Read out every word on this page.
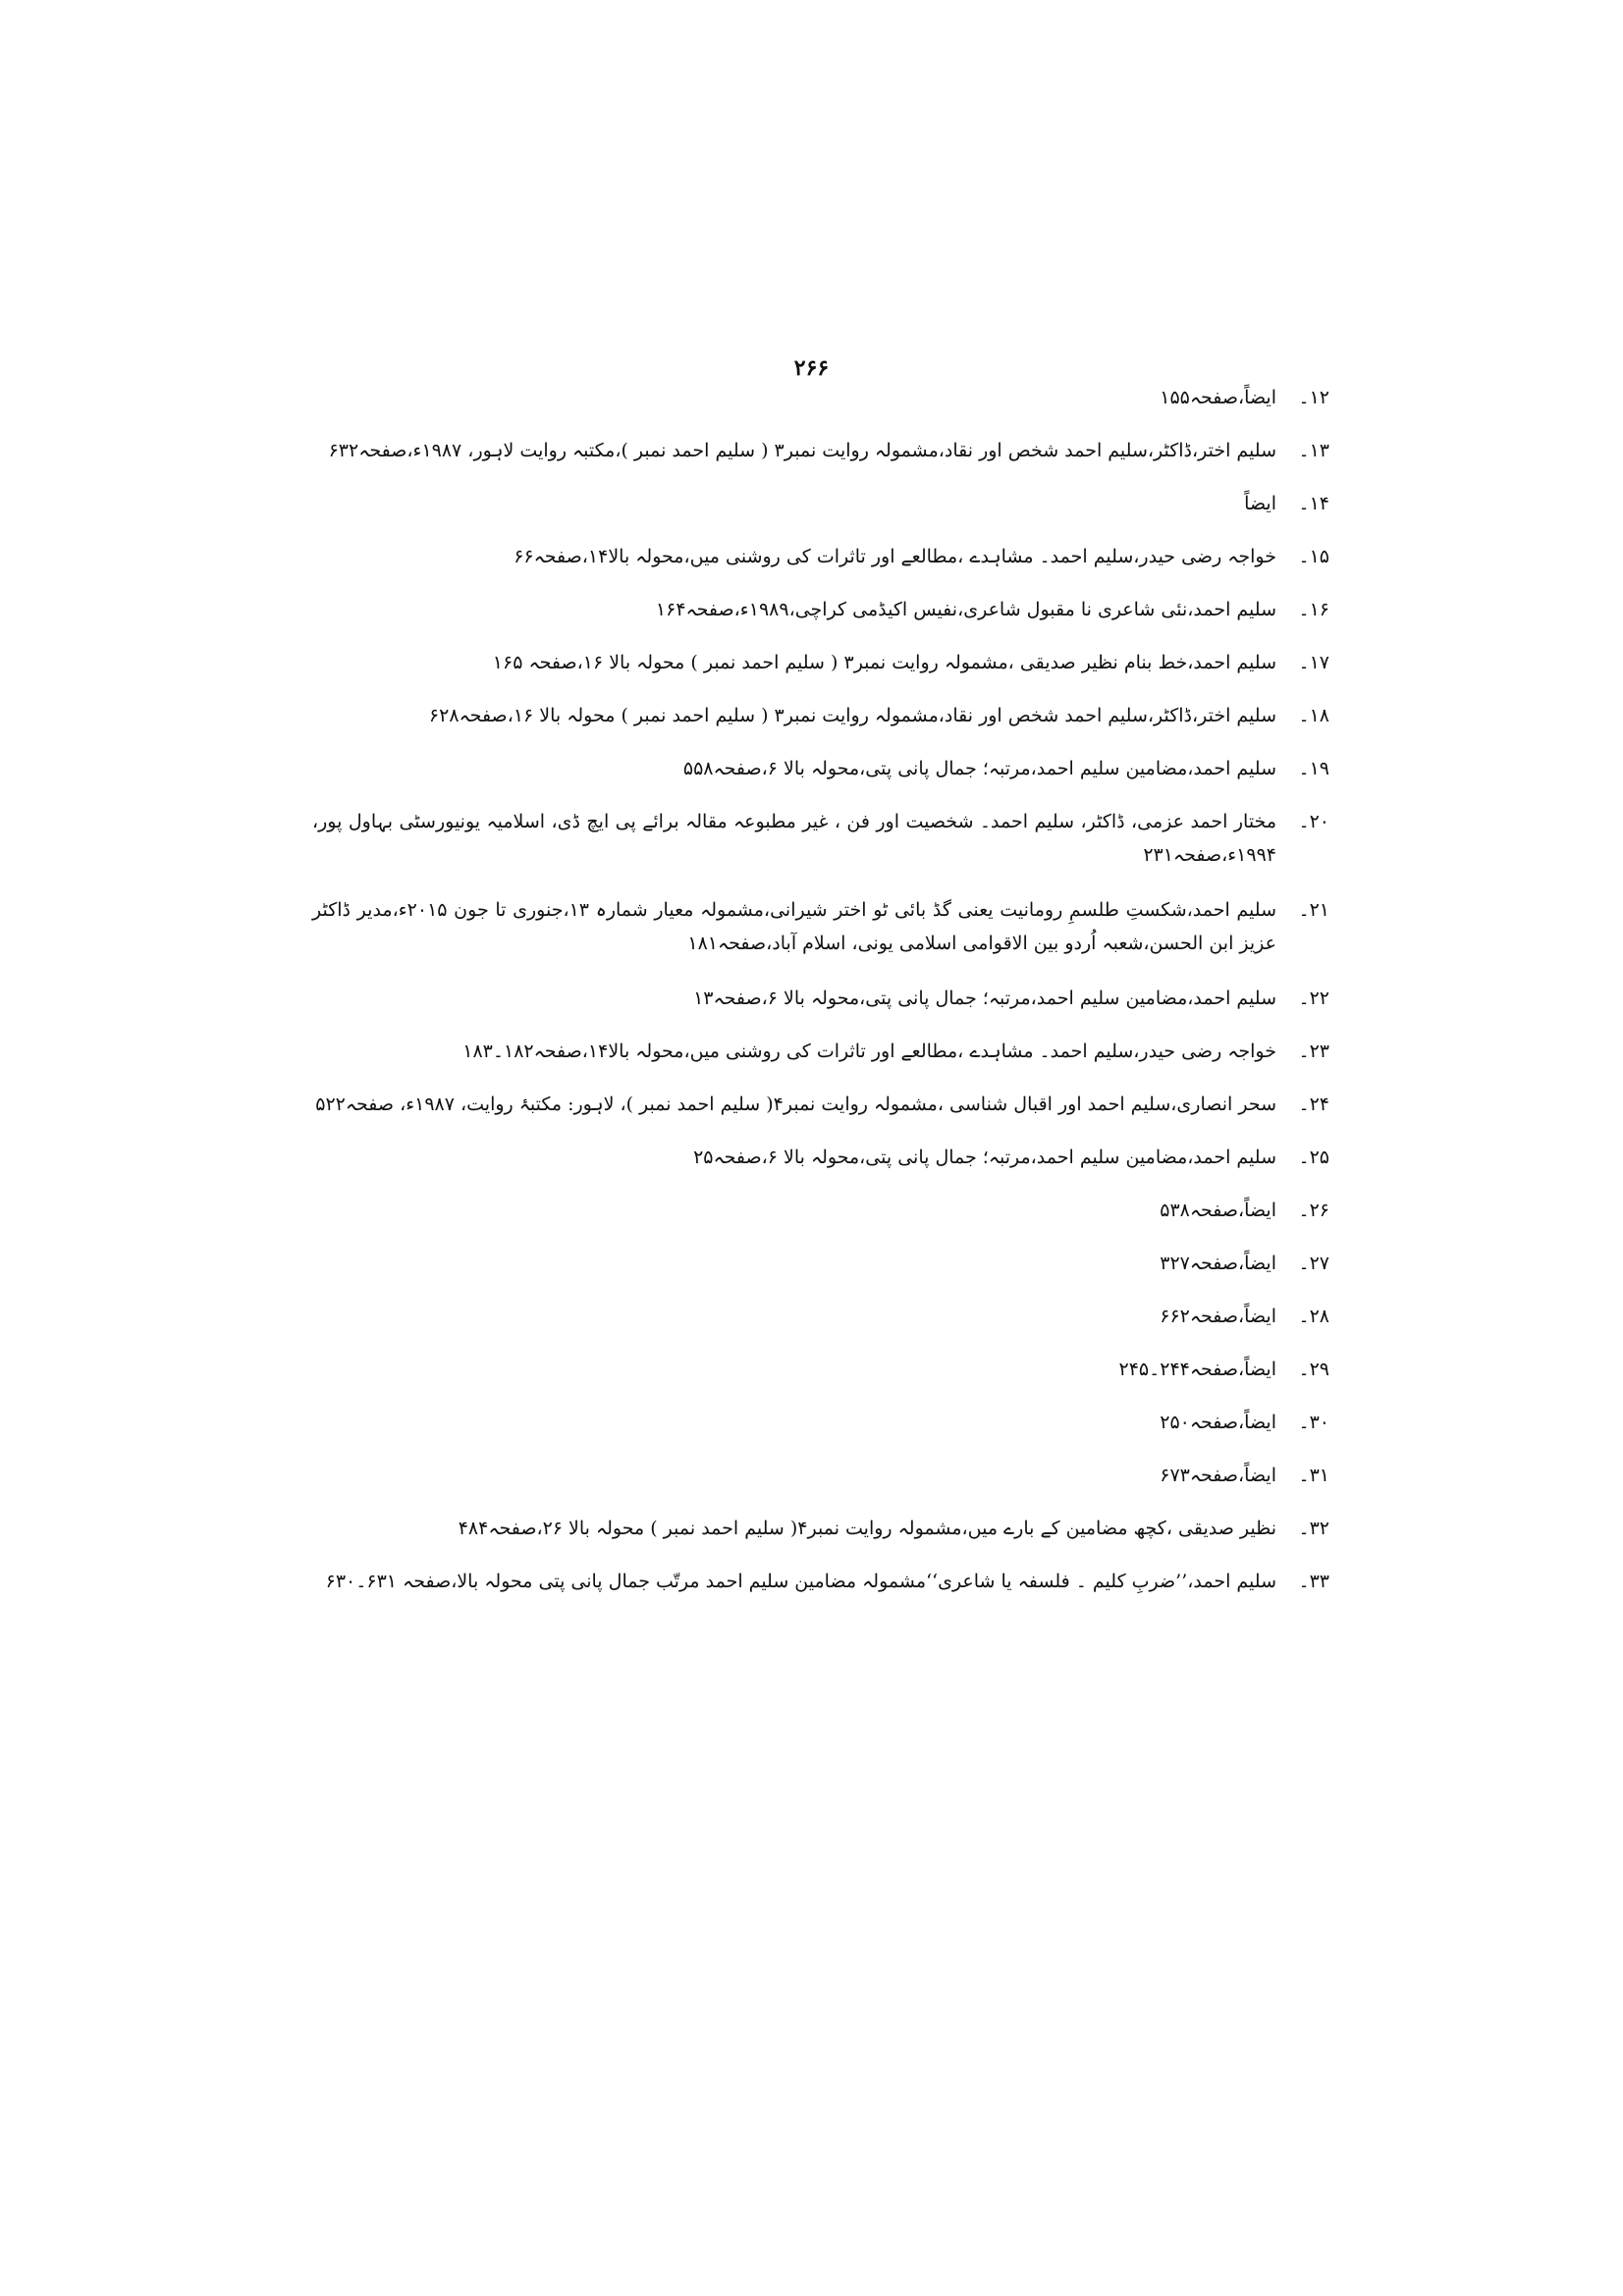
۲۶۶
۱۲۔
ایضاً،صفحہ۱۵۵
۱۳۔
سلیم اختر،ڈاکٹر،سلیم احمد شخص اور نقاد،مشمولہ روایت نمبر۳ ( سلیم احمد نمبر )،مکتبہ روایت لاہور، ۱۹۸۷ء،صفحہ۶۳۲
۱۴۔
ایضاً
۱۵۔
خواجہ رضی حیدر،سلیم احمد۔ مشاہدے ،مطالعے اور تاثرات کی روشنی میں،محولہ بالا۱۴،صفحہ۶۶
۱۶۔
سلیم احمد،نئی شاعری نا مقبول شاعری،نفیس اکیڈمی کراچی،۱۹۸۹ء،صفحہ۱۶۴
۱۷۔
سلیم احمد،خط بنام نظیر صدیقی ،مشمولہ روایت نمبر۳ ( سلیم احمد نمبر ) محولہ بالا ۱۶،صفحہ ۱۶۵
۱۸۔
سلیم اختر،ڈاکٹر،سلیم احمد شخص اور نقاد،مشمولہ روایت نمبر۳ ( سلیم احمد نمبر ) محولہ بالا ۱۶،صفحہ۶۲۸
۱۹۔
سلیم احمد،مضامین سلیم احمد،مرتبہ؛ جمال پانی پتی،محولہ بالا ۶،صفحہ۵۵۸
۲۰۔
مختار احمد عزمی، ڈاکٹر، سلیم احمد۔ شخصیت اور فن ، غیر مطبوعہ مقالہ برائے پی ایچ ڈی، اسلامیہ یونیورسٹی بہاول پور، ۱۹۹۴ء،صفحہ۲۳۱
۲۱۔
سلیم احمد،شکستِ طلسمِ رومانیت یعنی گڈ بائی ٹو اختر شیرانی،مشمولہ معیار شمارہ ۱۳،جنوری تا جون ۲۰۱۵ء،مدیر ڈاکٹر عزیز ابن الحسن،شعبہ اُردو بین الاقوامی اسلامی یونی، اسلام آباد،صفحہ۱۸۱
۲۲۔
سلیم احمد،مضامین سلیم احمد،مرتبہ؛ جمال پانی پتی،محولہ بالا ۶،صفحہ۱۳
۲۳۔
خواجہ رضی حیدر،سلیم احمد۔ مشاہدے ،مطالعے اور تاثرات کی روشنی میں،محولہ بالا۱۴،صفحہ۱۸۲۔۱۸۳
۲۴۔
سحر انصاری،سلیم احمد اور اقبال شناسی ،مشمولہ روایت نمبر۴( سلیم احمد نمبر )، لاہور: مکتبۂ روایت، ۱۹۸۷ء، صفحہ۵۲۲
۲۵۔
سلیم احمد،مضامین سلیم احمد،مرتبہ؛ جمال پانی پتی،محولہ بالا ۶،صفحہ۲۵
۲۶۔
ایضاً،صفحہ۵۳۸
۲۷۔
ایضاً،صفحہ۳۲۷
۲۸۔
ایضاً،صفحہ۶۶۲
۲۹۔
ایضاً،صفحہ۲۴۴۔۲۴۵
۳۰۔
ایضاً،صفحہ۲۵۰
۳۱۔
ایضاً،صفحہ۶۷۳
۳۲۔
نظیر صدیقی ،کچھ مضامین کے بارے میں،مشمولہ روایت نمبر۴( سلیم احمد نمبر ) محولہ بالا ۲۶،صفحہ۴۸۴
۳۳۔
سلیم احمد،’’ضربِ کلیم ۔ فلسفہ یا شاعری‘‘مشمولہ مضامین سلیم احمد مرتّب جمال پانی پتی محولہ بالا،صفحہ ۶۳۱۔۶۳۰
